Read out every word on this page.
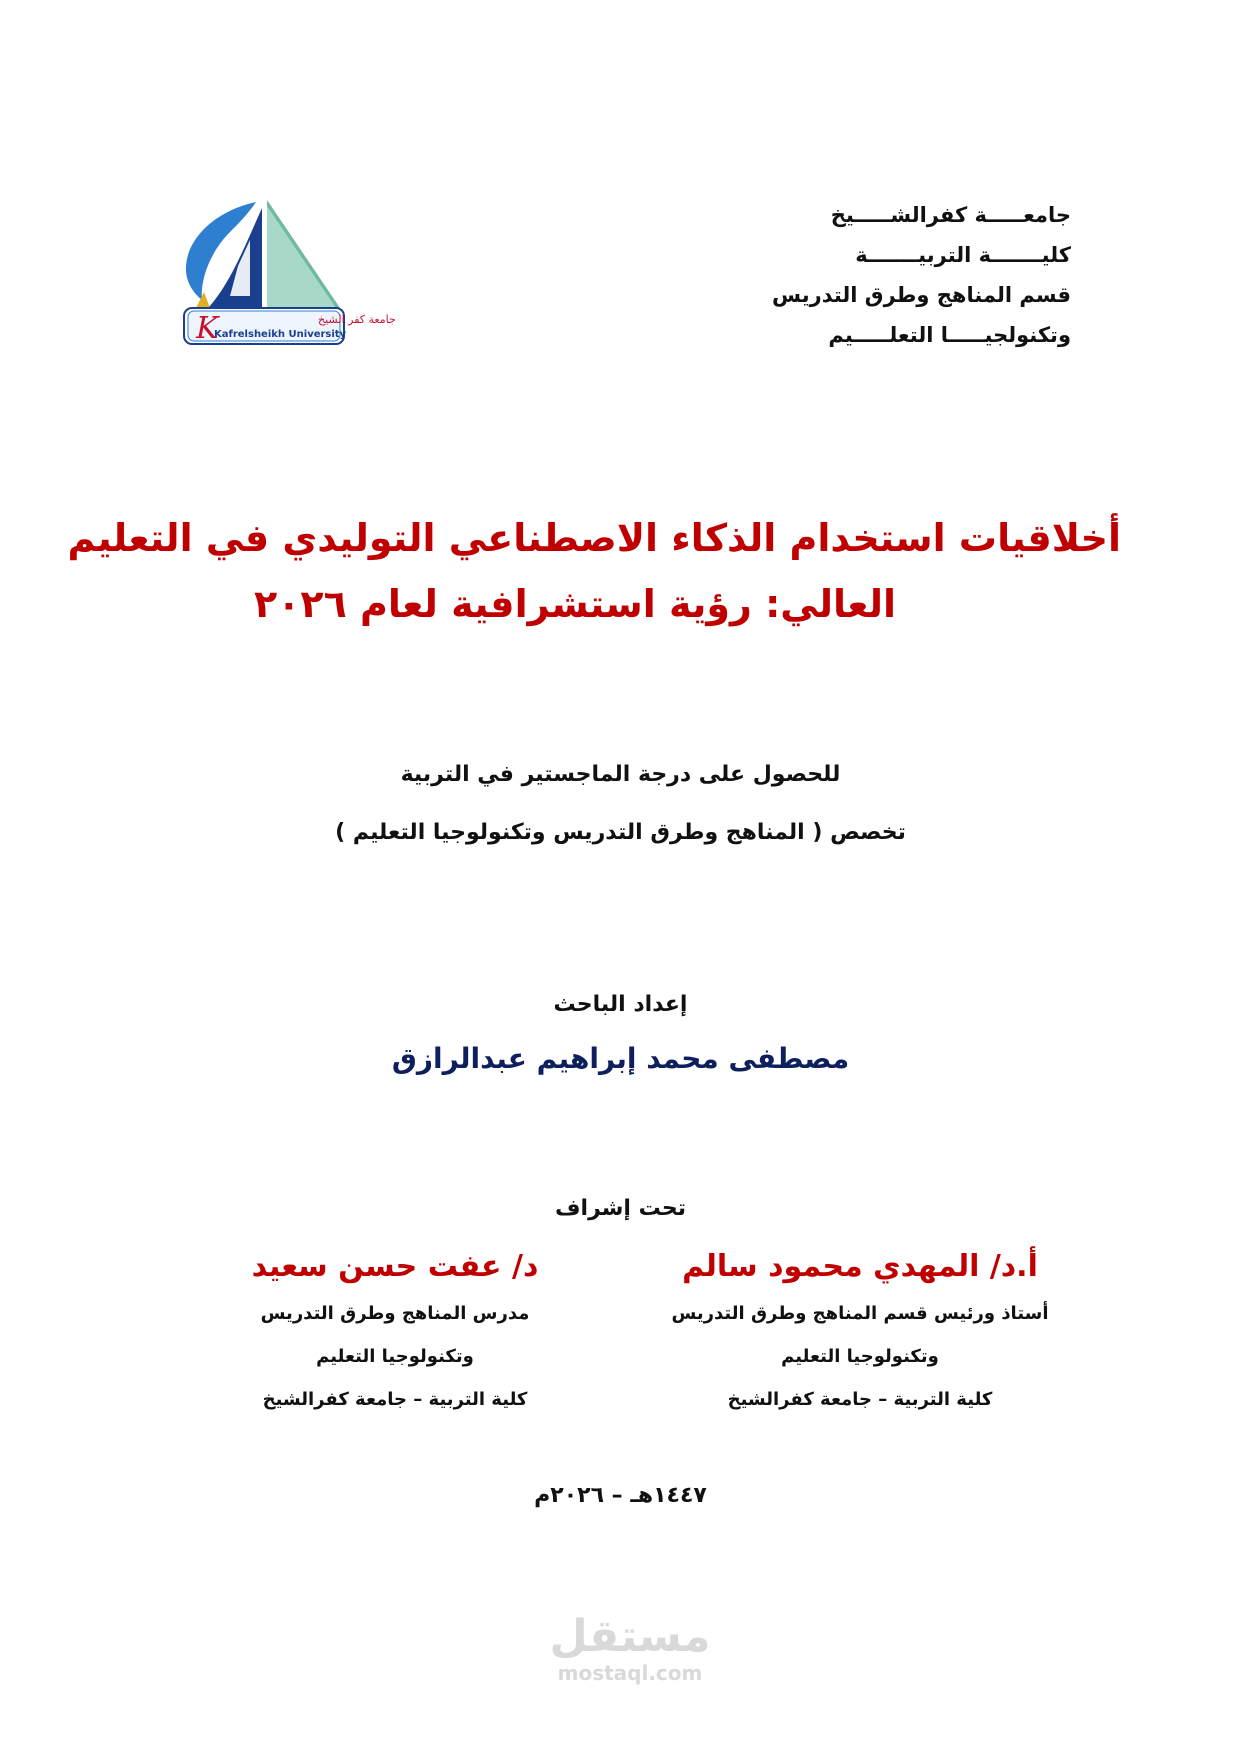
جامعـــــة كفرالشـــــيخ
كليـــــــة التربيـــــــة
قسم المناهج وطرق التدريس
وتكنولجيـــــا التعلـــــيم
K	جامعة كفر الشيخ
Kafrelsheikh University
أخلاقيات استخدام الذكاء الاصطناعي التوليدي في التعليم
العالي: رؤية استشرافية لعام ٢٠٢٦
للحصول على درجة الماجستير في التربية
تخصص ( المناهج وطرق التدريس وتكنولوجيا التعليم )
إعداد الباحث
مصطفى محمد إبراهيم عبدالرازق
تحت إشراف
أ.د/ المهدي محمود سالم
أستاذ ورئيس قسم المناهج وطرق التدريس
وتكنولوجيا التعليم
كلية التربية – جامعة كفرالشيخ
د/ عفت حسن سعيد
مدرس المناهج وطرق التدريس
وتكنولوجيا التعليم
كلية التربية – جامعة كفرالشيخ
١٤٤٧هـ – ٢٠٢٦م
مستقل
mostaql.com
